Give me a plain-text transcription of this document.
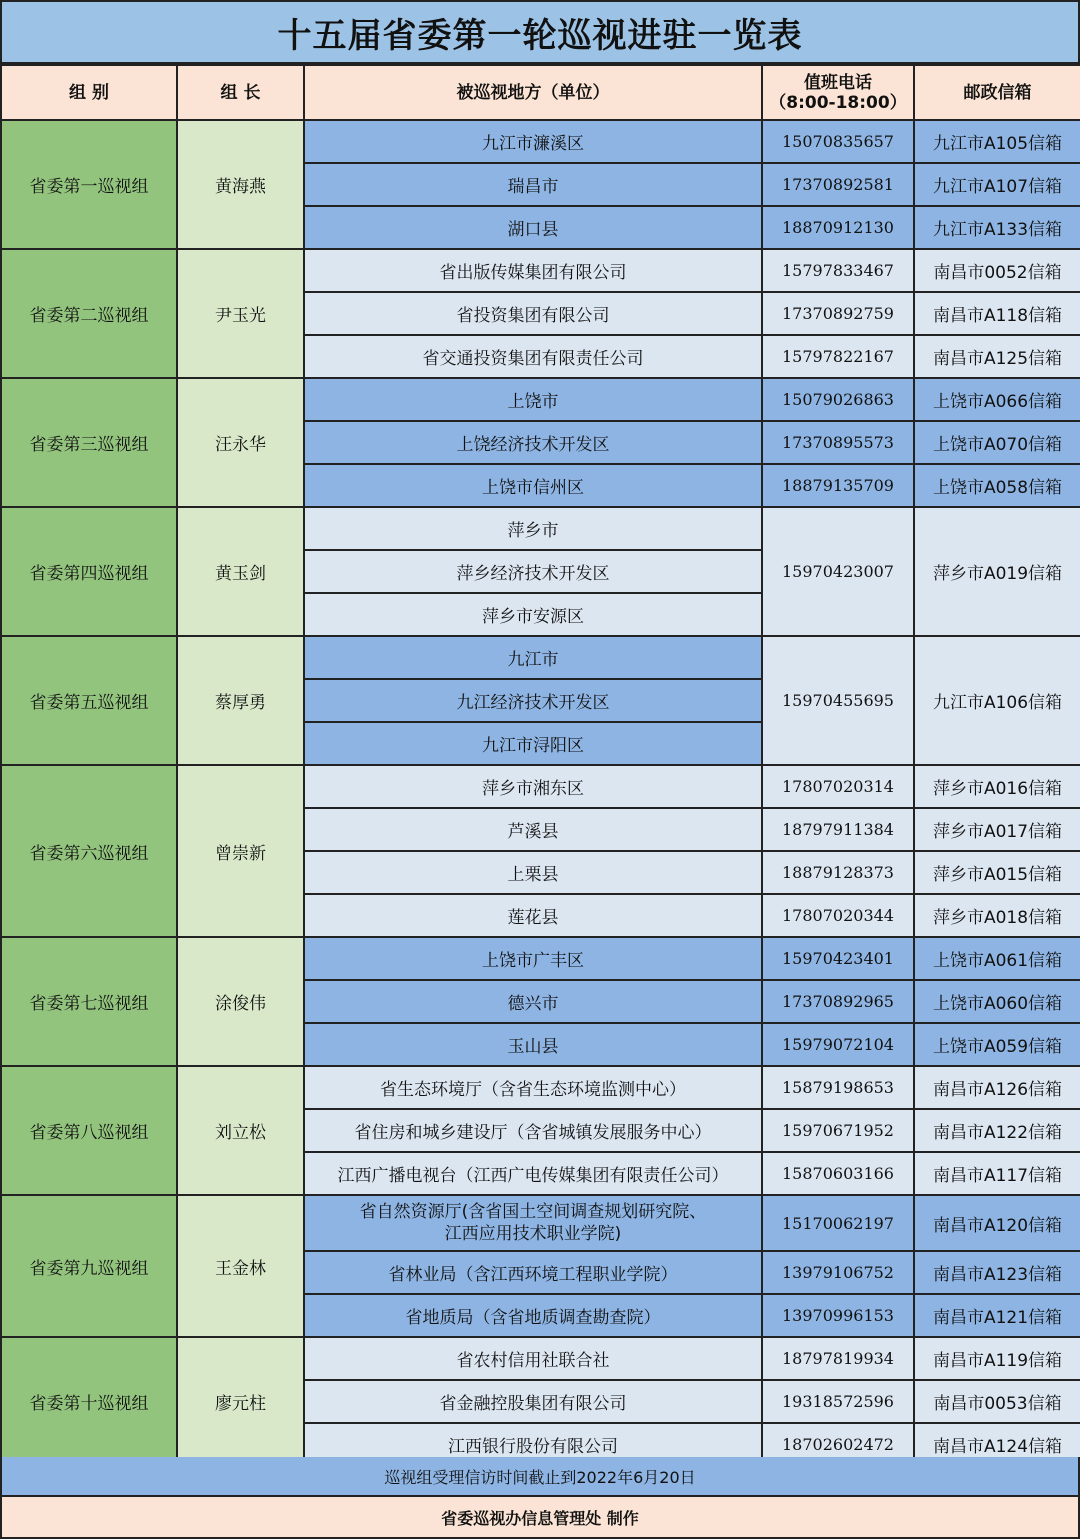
十五届省委第一轮巡视进驻一览表
组 别	组 长	被巡视地方（单位）	值班电话
（8:00-18:00）	邮政信箱
省委第一巡视组	黄海燕	九江市濂溪区	15070835657	九江市A105信箱

		瑞昌市	17370892581	九江市A107信箱

		湖口县	18870912130	九江市A133信箱
省委第二巡视组	尹玉光	省出版传媒集团有限公司	15797833467	南昌市0052信箱

		省投资集团有限公司	17370892759	南昌市A118信箱

		省交通投资集团有限责任公司	15797822167	南昌市A125信箱
省委第三巡视组	汪永华	上饶市	15079026863	上饶市A066信箱

		上饶经济技术开发区	17370895573	上饶市A070信箱

		上饶市信州区	18879135709	上饶市A058信箱
省委第四巡视组	黄玉剑	萍乡市	15970423007	萍乡市A019信箱

		萍乡经济技术开发区		

		萍乡市安源区		

省委第五巡视组	蔡厚勇	九江市	15970455695	九江市A106信箱

		九江经济技术开发区		

		九江市浔阳区		

省委第六巡视组	曾崇新	萍乡市湘东区	17807020314	萍乡市A016信箱

		芦溪县	18797911384	萍乡市A017信箱

		上栗县	18879128373	萍乡市A015信箱

		莲花县	17807020344	萍乡市A018信箱
省委第七巡视组	涂俊伟	上饶市广丰区	15970423401	上饶市A061信箱

		德兴市	17370892965	上饶市A060信箱

		玉山县	15979072104	上饶市A059信箱
省委第八巡视组	刘立松	省生态环境厅（含省生态环境监测中心）	15879198653	南昌市A126信箱

		省住房和城乡建设厅（含省城镇发展服务中心）	15970671952	南昌市A122信箱

		江西广播电视台（江西广电传媒集团有限责任公司）	15870603166	南昌市A117信箱
省委第九巡视组	王金林	省自然资源厅(含省国土空间调查规划研究院、
江西应用技术职业学院)	15170062197	南昌市A120信箱

		省林业局（含江西环境工程职业学院）	13979106752	南昌市A123信箱

		省地质局（含省地质调查勘查院）	13970996153	南昌市A121信箱
省委第十巡视组	廖元柱	省农村信用社联合社	18797819934	南昌市A119信箱

		省金融控股集团有限公司	19318572596	南昌市0053信箱

		江西银行股份有限公司	18702602472	南昌市A124信箱
巡视组受理信访时间截止到2022年6月20日
省委巡视办信息管理处 制作
